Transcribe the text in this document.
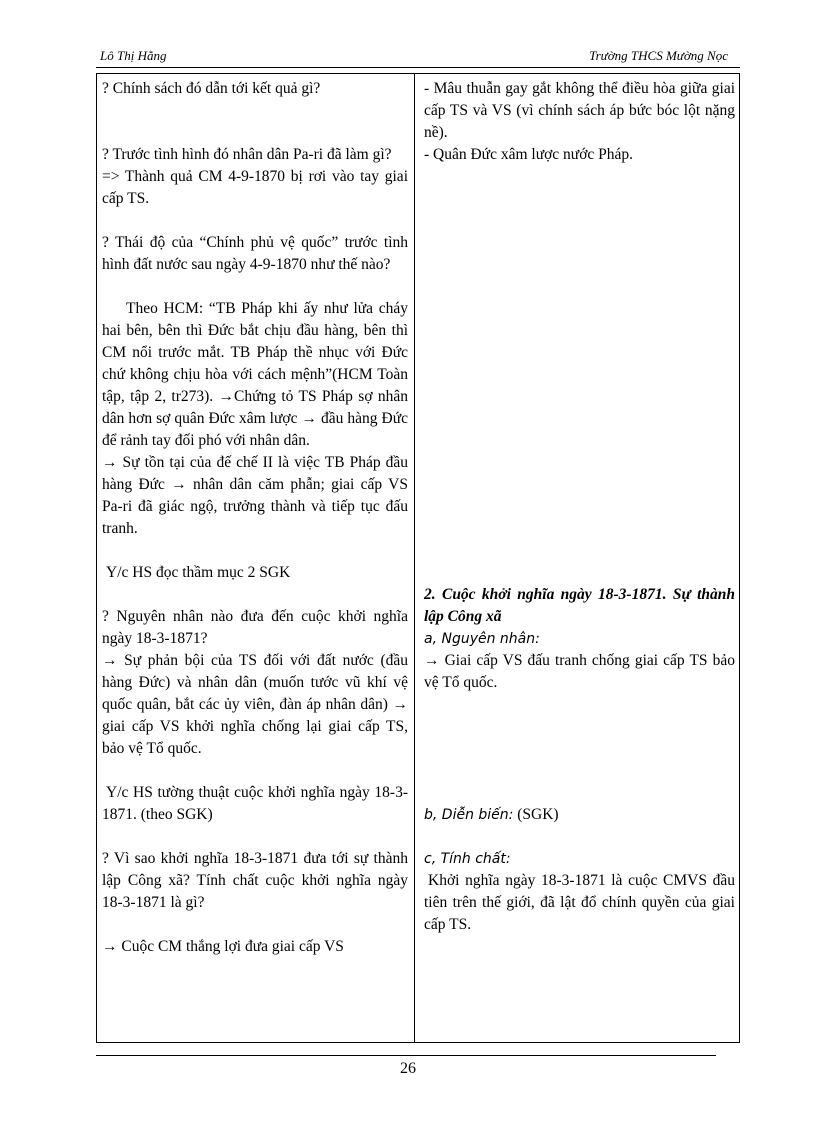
Lô Thị Hằng	Trường THCS Mường Nọc

? Chính sách đó dẫn tới kết quả gì?

? Trước tình hình đó nhân dân Pa-ri đã làm gì?

=> Thành quả CM 4-9-1870 bị rơi vào tay giai cấp TS.

? Thái độ của “Chính phủ vệ quốc” trước tình hình đất nước sau ngày 4-9-1870 như thế nào?

Theo HCM: “TB Pháp khi ấy như lửa cháy hai bên, bên thì Đức bắt chịu đầu hàng, bên thì CM nổi trước mắt. TB Pháp thề nhục với Đức chứ không chịu hòa với cách mệnh”(HCM Toàn tập, tập 2, tr273). →Chứng tỏ TS Pháp sợ nhân dân hơn sợ quân Đức xâm lược → đầu hàng Đức để rảnh tay đối phó với nhân dân.

→ Sự tồn tại của đế chế II là việc TB Pháp đầu hàng Đức → nhân dân căm phẫn; giai cấp VS Pa-ri đã giác ngộ, trưởng thành và tiếp tục đấu tranh.

Y/c HS đọc thầm mục 2 SGK

? Nguyên nhân nào đưa đến cuộc khởi nghĩa ngày 18-3-1871?

→ Sự phản bội của TS đối với đất nước (đầu hàng Đức) và nhân dân (muốn tước vũ khí vệ quốc quân, bắt các ủy viên, đàn áp nhân dân) → giai cấp VS khởi nghĩa chống lại giai cấp TS, bảo vệ Tổ quốc.

Y/c HS tường thuật cuộc khởi nghĩa ngày 18-3-1871. (theo SGK)

? Vì sao khởi nghĩa 18-3-1871 đưa tới sự thành lập Công xã? Tính chất cuộc khởi nghĩa ngày 18-3-1871 là gì?

→ Cuộc CM thắng lợi đưa giai cấp VS

- Mâu thuẫn gay gắt không thể điều hòa giữa giai cấp TS và VS (vì chính sách áp bức bóc lột nặng nề).

- Quân Đức xâm lược nước Pháp.

2. Cuộc khởi nghĩa ngày 18-3-1871. Sự thành lập Công xã

a, Nguyên nhân:

→ Giai cấp VS đấu tranh chống giai cấp TS bảo vệ Tổ quốc.

b, Diễn biến: (SGK)

c, Tính chất:

Khởi nghĩa ngày 18-3-1871 là cuộc CMVS đầu tiên trên thế giới, đã lật đổ chính quyền của giai cấp TS.

26
